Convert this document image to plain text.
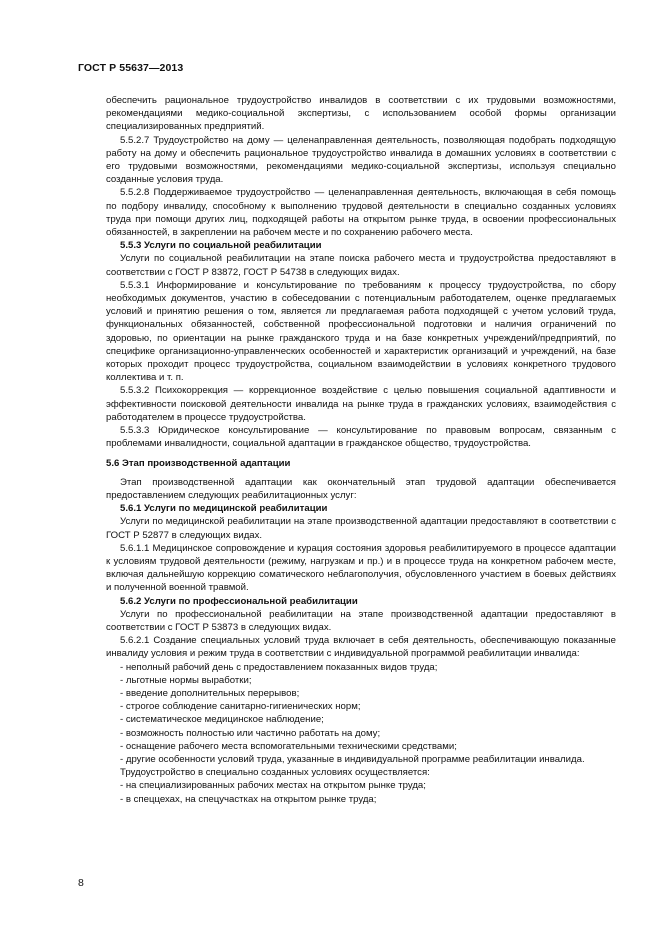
ГОСТ Р 55637—2013

обеспечить рациональное трудоустройство инвалидов в соответствии с их трудовыми возможностями, рекомендациями медико-социальной экспертизы, с использованием особой формы организации специализированных предприятий.

5.5.2.7 Трудоустройство на дому — целенаправленная деятельность, позволяющая подобрать подходящую работу на дому и обеспечить рациональное трудоустройство инвалида в домашних условиях в соответствии с его трудовыми возможностями, рекомендациями медико-социальной экспертизы, используя специально созданные условия труда.

5.5.2.8 Поддерживаемое трудоустройство — целенаправленная деятельность, включающая в себя помощь по подбору инвалиду, способному к выполнению трудовой деятельности в специально созданных условиях труда при помощи других лиц, подходящей работы на открытом рынке труда, в освоении профессиональных обязанностей, в закреплении на рабочем месте и по сохранению рабочего места.

5.5.3 Услуги по социальной реабилитации

Услуги по социальной реабилитации на этапе поиска рабочего места и трудоустройства предоставляют в соответствии с ГОСТ Р 83872, ГОСТ Р 54738 в следующих видах.

5.5.3.1 Информирование и консультирование по требованиям к процессу трудоустройства, по сбору необходимых документов, участию в собеседовании с потенциальным работодателем, оценке предлагаемых условий и принятию решения о том, является ли предлагаемая работа подходящей с учетом условий труда, функциональных обязанностей, собственной профессиональной подготовки и наличия ограничений по здоровью, по ориентации на рынке гражданского труда и на базе конкретных учреждений/предприятий, по специфике организационно-управленческих особенностей и характеристик организаций и учреждений, на базе которых проходит процесс трудоустройства, социальном взаимодействии в условиях конкретного трудового коллектива и т. п.

5.5.3.2 Психокоррекция — коррекционное воздействие с целью повышения социальной адаптивности и эффективности поисковой деятельности инвалида на рынке труда в гражданских условиях, взаимодействия с работодателем в процессе трудоустройства.

5.5.3.3 Юридическое консультирование — консультирование по правовым вопросам, связанным с проблемами инвалидности, социальной адаптации в гражданское общество, трудоустройства.

5.6 Этап производственной адаптации

Этап производственной адаптации как окончательный этап трудовой адаптации обеспечивается предоставлением следующих реабилитационных услуг:

5.6.1 Услуги по медицинской реабилитации

Услуги по медицинской реабилитации на этапе производственной адаптации предоставляют в соответствии с ГОСТ Р 52877 в следующих видах.

5.6.1.1 Медицинское сопровождение и курация состояния здоровья реабилитируемого в процессе адаптации к условиям трудовой деятельности (режиму, нагрузкам и пр.) и в процессе труда на конкретном рабочем месте, включая дальнейшую коррекцию соматического неблагополучия, обусловленного участием в боевых действиях и полученной военной травмой.

5.6.2 Услуги по профессиональной реабилитации

Услуги по профессиональной реабилитации на этапе производственной адаптации предоставляют в соответствии с ГОСТ Р 53873 в следующих видах.

5.6.2.1 Создание специальных условий труда включает в себя деятельность, обеспечивающую показанные инвалиду условия и режим труда в соответствии с индивидуальной программой реабилитации инвалида:

- неполный рабочий день с предоставлением показанных видов труда;

- льготные нормы выработки;

- введение дополнительных перерывов;

- строгое соблюдение санитарно-гигиенических норм;

- систематическое медицинское наблюдение;

- возможность полностью или частично работать на дому;

- оснащение рабочего места вспомогательными техническими средствами;

- другие особенности условий труда, указанные в индивидуальной программе реабилитации инвалида.

Трудоустройство в специально созданных условиях осуществляется:

- на специализированных рабочих местах на открытом рынке труда;

- в спеццехах, на спецучастках на открытом рынке труда;

8
